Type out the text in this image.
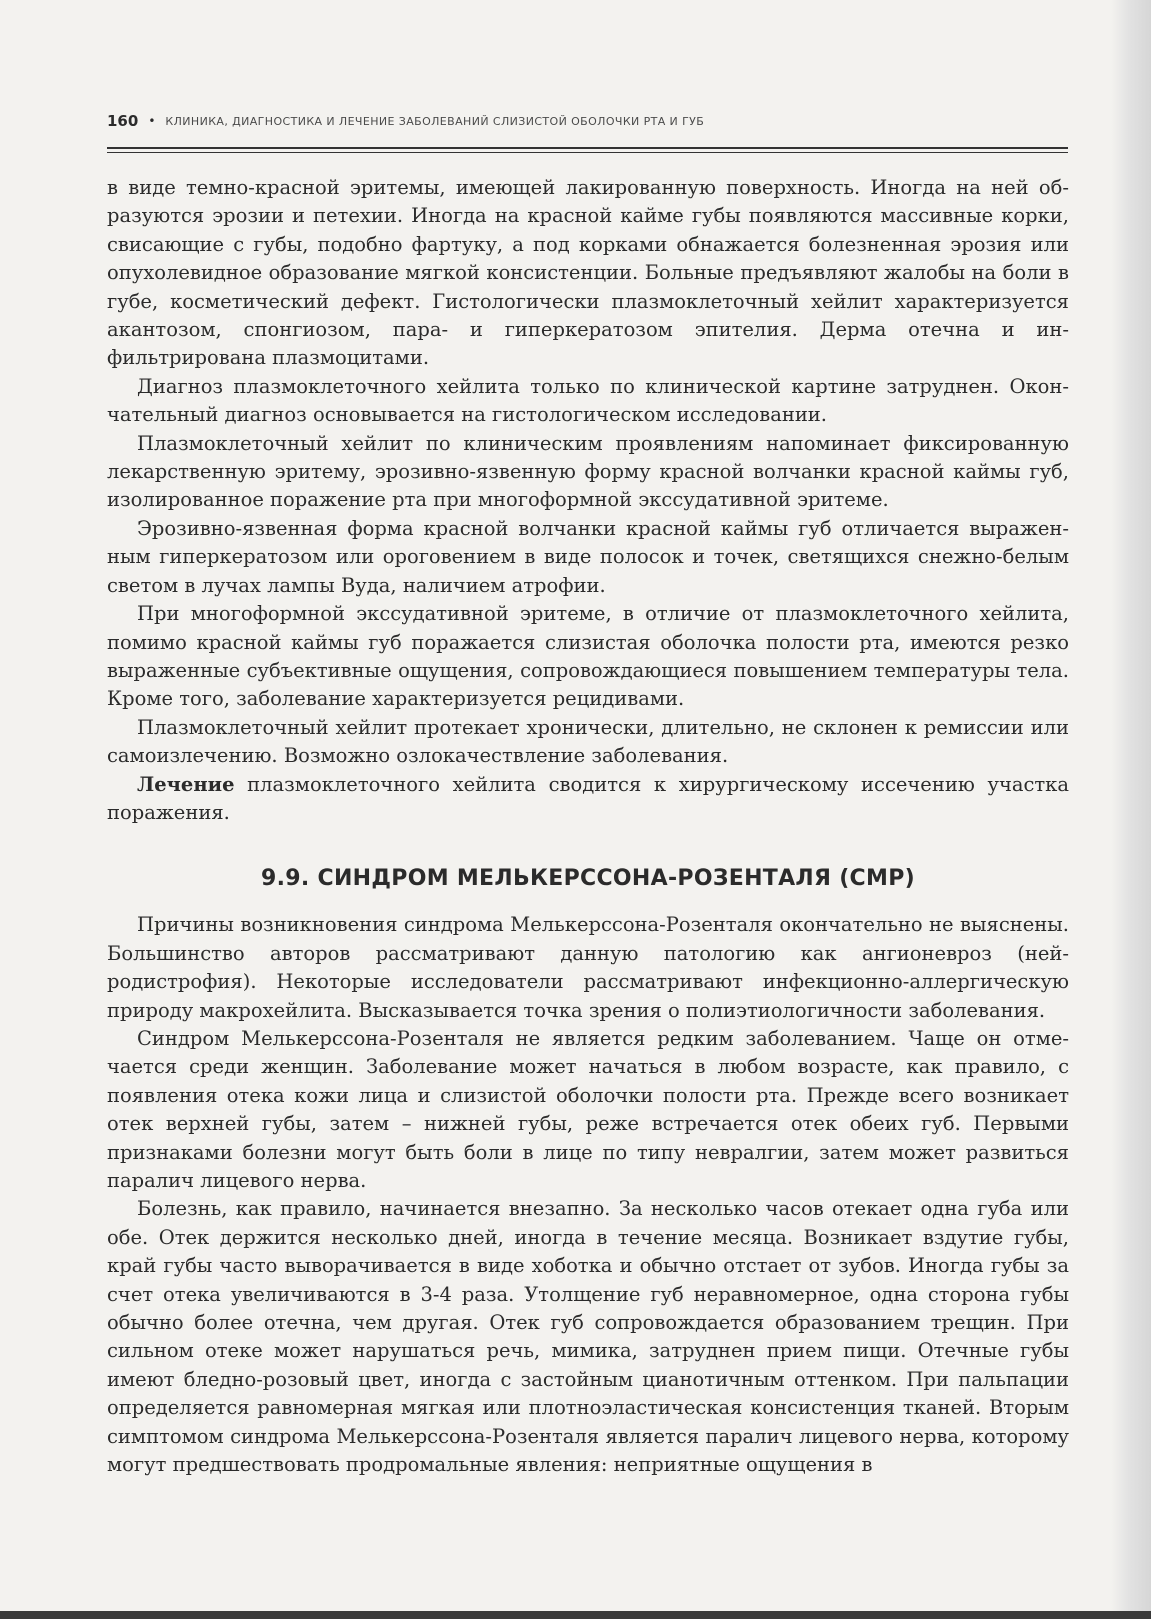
160 • КЛИНИКА, ДИАГНОСТИКА И ЛЕЧЕНИЕ ЗАБОЛЕВАНИЙ СЛИЗИСТОЙ ОБОЛОЧКИ РТА И ГУБ

в виде темно-красной эритемы, имеющей лакированную поверхность. Иногда на ней образуются эрозии и петехии. Иногда на красной кайме губы появляются массивные корки, свисающие с губы, подобно фартуку, а под корками обнажается болезненная эрозия или опухолевидное образование мягкой консистенции. Больные предъявляют жалобы на боли в губе, косметический дефект. Гистологически плазмоклеточный хейлит характеризуется акантозом, спонгиозом, пара- и гиперкератозом эпителия. Дерма отечна и инфильтрирована плазмоцитами.

Диагноз плазмоклеточного хейлита только по клинической картине затруднен. Окончательный диагноз основывается на гистологическом исследовании.

Плазмоклеточный хейлит по клиническим проявлениям напоминает фиксированную лекарственную эритему, эрозивно-язвенную форму красной волчанки красной каймы губ, изолированное поражение рта при многоформной экссудативной эритеме.

Эрозивно-язвенная форма красной волчанки красной каймы губ отличается выраженным гиперкератозом или ороговением в виде полосок и точек, светящихся снежно-белым светом в лучах лампы Вуда, наличием атрофии.

При многоформной экссудативной эритеме, в отличие от плазмоклеточного хейлита, помимо красной каймы губ поражается слизистая оболочка полости рта, имеются резко выраженные субъективные ощущения, сопровождающиеся повышением температуры тела. Кроме того, заболевание характеризуется рецидивами.

Плазмоклеточный хейлит протекает хронически, длительно, не склонен к ремиссии или самоизлечению. Возможно озлокачествление заболевания.

Лечение плазмоклеточного хейлита сводится к хирургическому иссечению участка поражения.

9.9. СИНДРОМ МЕЛЬКЕРССОНА-РОЗЕНТАЛЯ (СМР)

Причины возникновения синдрома Мелькерссона-Розенталя окончательно не выяснены. Большинство авторов рассматривают данную патологию как ангионевроз (нейродистрофия). Некоторые исследователи рассматривают инфекционно-аллергическую природу макрохейлита. Высказывается точка зрения о полиэтиологичности заболевания.

Синдром Мелькерссона-Розенталя не является редким заболеванием. Чаще он отмечается среди женщин. Заболевание может начаться в любом возрасте, как правило, с появления отека кожи лица и слизистой оболочки полости рта. Прежде всего возникает отек верхней губы, затем – нижней губы, реже встречается отек обеих губ. Первыми признаками болезни могут быть боли в лице по типу невралгии, затем может развиться паралич лицевого нерва.

Болезнь, как правило, начинается внезапно. За несколько часов отекает одна губа или обе. Отек держится несколько дней, иногда в течение месяца. Возникает вздутие губы, край губы часто выворачивается в виде хоботка и обычно отстает от зубов. Иногда губы за счет отека увеличиваются в 3-4 раза. Утолщение губ неравномерное, одна сторона губы обычно более отечна, чем другая. Отек губ сопровождается образованием трещин. При сильном отеке может нарушаться речь, мимика, затруднен прием пищи. Отечные губы имеют бледно-розовый цвет, иногда с застойным цианотичным оттенком. При пальпации определяется равномерная мягкая или плотноэластическая консистенция тканей. Вторым симптомом синдрома Мелькерссона-Розенталя является паралич лицевого нерва, которому могут предшествовать продромальные явления: неприятные ощущения в
